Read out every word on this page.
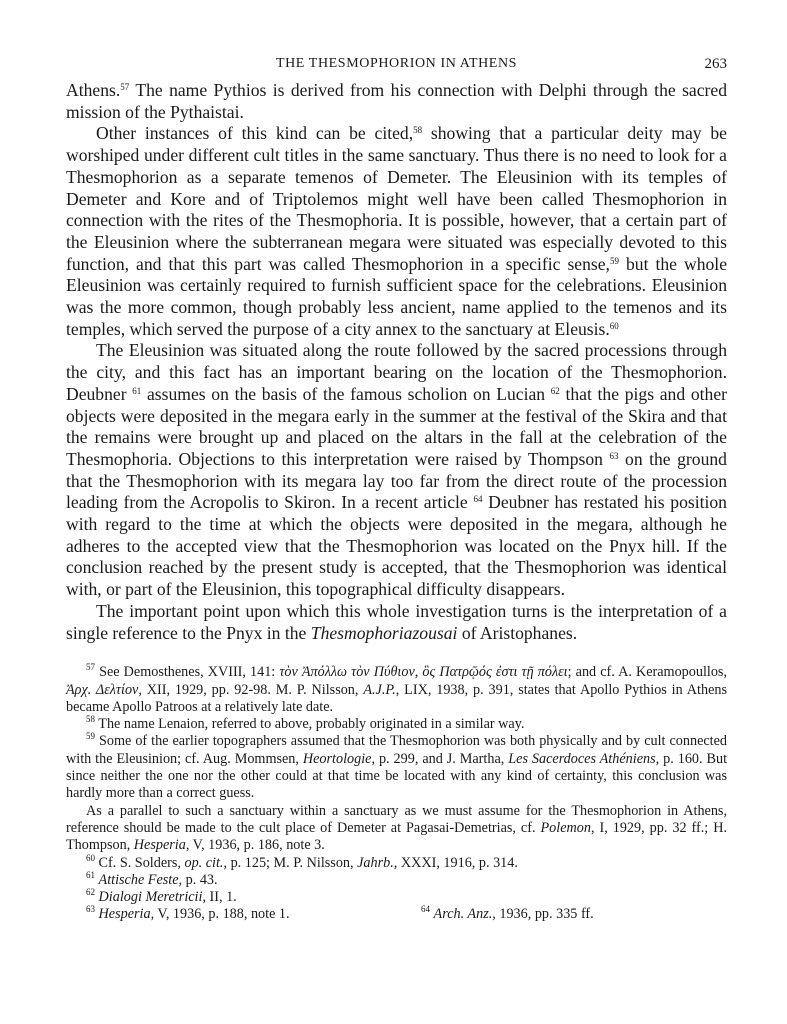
THE THESMOPHORION IN ATHENS	263

Athens.$^{57}$ The name Pythios is derived from his connection with Delphi through the sacred mission of the Pythaistai.

Other instances of this kind can be cited,$^{58}$ showing that a particular deity may be worshiped under different cult titles in the same sanctuary. Thus there is no need to look for a Thesmophorion as a separate temenos of Demeter. The Eleusinion with its temples of Demeter and Kore and of Triptolemos might well have been called Thesmophorion in connection with the rites of the Thesmophoria. It is possible, however, that a certain part of the Eleusinion where the subterranean megara were situated was especially devoted to this function, and that this part was called Thesmophorion in a specific sense,$^{59}$ but the whole Eleusinion was certainly required to furnish sufficient space for the celebrations. Eleusinion was the more common, though probably less ancient, name applied to the temenos and its temples, which served the purpose of a city annex to the sanctuary at Eleusis.$^{60}$

The Eleusinion was situated along the route followed by the sacred processions through the city, and this fact has an important bearing on the location of the Thesmophorion. Deubner $^{61}$ assumes on the basis of the famous scholion on Lucian $^{62}$ that the pigs and other objects were deposited in the megara early in the summer at the festival of the Skira and that the remains were brought up and placed on the altars in the fall at the celebration of the Thesmophoria. Objections to this interpretation were raised by Thompson $^{63}$ on the ground that the Thesmophorion with its megara lay too far from the direct route of the procession leading from the Acropolis to Skiron. In a recent article $^{64}$ Deubner has restated his position with regard to the time at which the objects were deposited in the megara, although he adheres to the accepted view that the Thesmophorion was located on the Pnyx hill. If the conclusion reached by the present study is accepted, that the Thesmophorion was identical with, or part of the Eleusinion, this topographical difficulty disappears.

The important point upon which this whole investigation turns is the interpretation of a single reference to the Pnyx in the Thesmophoriazousai of Aristophanes.

$^{57}$ See Demosthenes, XVIII, 141: τὸν Ἀπόλλω τὸν Πύθιον, ὃς Πατρῷός ἐστι τῇ πόλει; and cf. A. Keramopoullos, Ἀρχ. Δελτίον, XII, 1929, pp. 92-98. M. P. Nilsson, A.J.P., LIX, 1938, p. 391, states that Apollo Pythios in Athens became Apollo Patroos at a relatively late date.

$^{58}$ The name Lenaion, referred to above, probably originated in a similar way.

$^{59}$ Some of the earlier topographers assumed that the Thesmophorion was both physically and by cult connected with the Eleusinion; cf. Aug. Mommsen, Heortologie, p. 299, and J. Martha, Les Sacerdoces Athéniens, p. 160. But since neither the one nor the other could at that time be located with any kind of certainty, this conclusion was hardly more than a correct guess.

As a parallel to such a sanctuary within a sanctuary as we must assume for the Thesmophorion in Athens, reference should be made to the cult place of Demeter at Pagasai-Demetrias, cf. Polemon, I, 1929, pp. 32 ff.; H. Thompson, Hesperia, V, 1936, p. 186, note 3.

$^{60}$ Cf. S. Solders, op. cit., p. 125; M. P. Nilsson, Jahrb., XXXI, 1916, p. 314.

$^{61}$ Attische Feste, p. 43.

$^{62}$ Dialogi Meretricii, II, 1.

$^{63}$ Hesperia, V, 1936, p. 188, note 1.	$^{64}$ Arch. Anz., 1936, pp. 335 ff.
